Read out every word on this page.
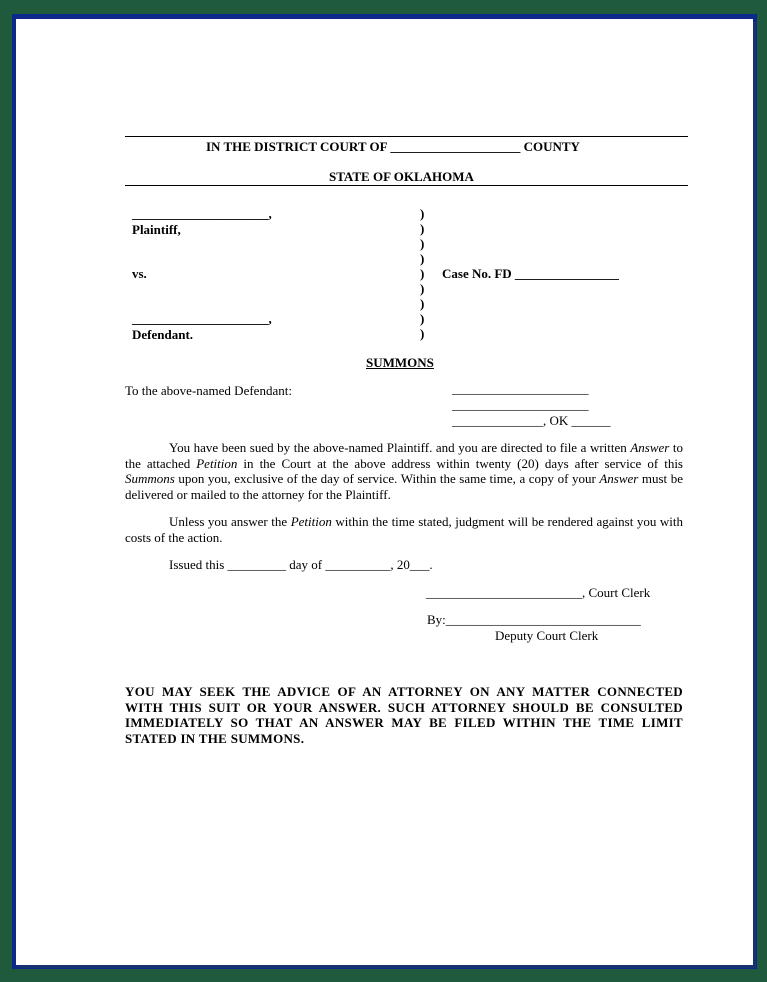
IN THE DISTRICT COURT OF ____________________ COUNTY
STATE OF OKLAHOMA
_____________________,
Plaintiff,
vs.
_____________________,
Defendant.
Case No. FD ________________
)
)
)
)
)
)
)
)
)
SUMMONS
To the above-named Defendant:	_____________________
_____________________
______________, OK ______
You have been sued by the above-named Plaintiff. and you are directed to file a written Answer to the attached Petition in the Court at the above address within twenty (20) days after service of this Summons upon you, exclusive of the day of service. Within the same time, a copy of your Answer must be delivered or mailed to the attorney for the Plaintiff.
Unless you answer the Petition within the time stated, judgment will be rendered against you with costs of the action.
Issued this _________ day of __________, 20___.
________________________, Court Clerk
By:______________________________
Deputy Court Clerk
YOU MAY SEEK THE ADVICE OF AN ATTORNEY ON ANY MATTER CONNECTED WITH THIS SUIT OR YOUR ANSWER. SUCH ATTORNEY SHOULD BE CONSULTED IMMEDIATELY SO THAT AN ANSWER MAY BE FILED WITHIN THE TIME LIMIT STATED IN THE SUMMONS.
